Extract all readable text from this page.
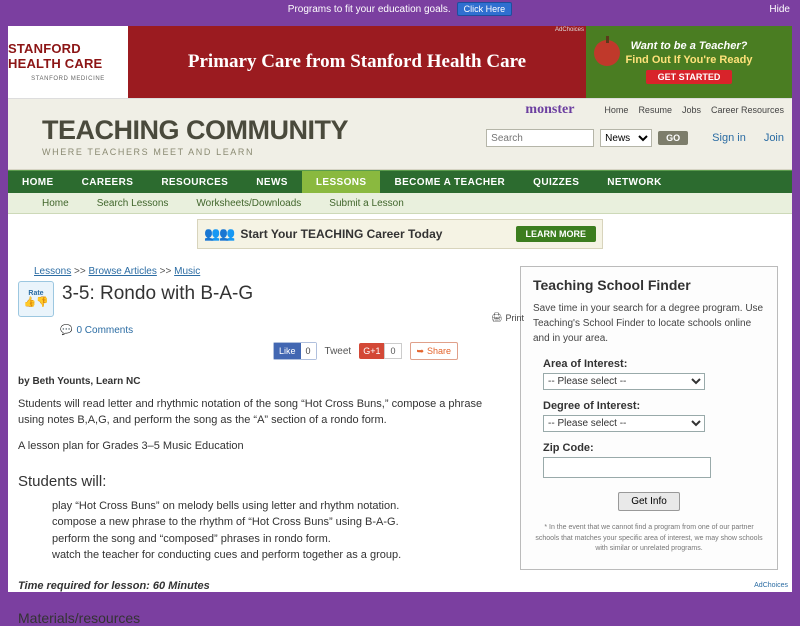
Programs to fit your education goals.	Click Here	Hide
STANFORD HEALTH CARE
STANFORD MEDICINE
Primary Care from Stanford Health Care
AdChoices
Want to be a Teacher?
Find Out If You're Ready
GET STARTED
monster	Home Resume Jobs Career Resources
TEACHING COMMUNITY
WHERE TEACHERS MEET AND LEARN
Search
News
GO	Sign in Join
HOME	CAREERS	RESOURCES	NEWS	LESSONS	BECOME A TEACHER	QUIZZES	NETWORK
Home	Search Lessons	Worksheets/Downloads	Submit a Lesson
👥👥 Start Your TEACHING Career Today	LEARN MORE
Lessons >> Browse Articles >> Music
🖨 Print
Rate
👍👎 3-5: Rondo with B-A-G
💬 0 Comments
Like	0	Tweet	G+1	0	➥ Share
by Beth Younts, Learn NC
Students will read letter and rhythmic notation of the song “Hot Cross Buns,” compose a phrase using notes B,A,G, and perform the song as the “A” section of a rondo form.
A lesson plan for Grades 3–5 Music Education
Students will:
play “Hot Cross Buns” on melody bells using letter and rhythm notation.
compose a new phrase to the rhythm of “Hot Cross Buns” using B-A-G.
perform the song and “composed” phrases in rondo form.
watch the teacher for conducting cues and perform together as a group.
Time required for lesson: 60 Minutes
Materials/resources
Teaching School Finder

Save time in your search for a degree program. Use Teaching's School Finder to locate schools online and in your area.

Area of Interest:
-- Please select --
Degree of Interest:
-- Please select --
Zip Code:
Get Info
* In the event that we cannot find a program from one of our partner schools that matches your specific area of interest, we may show schools with similar or unrelated programs.
AdChoices
